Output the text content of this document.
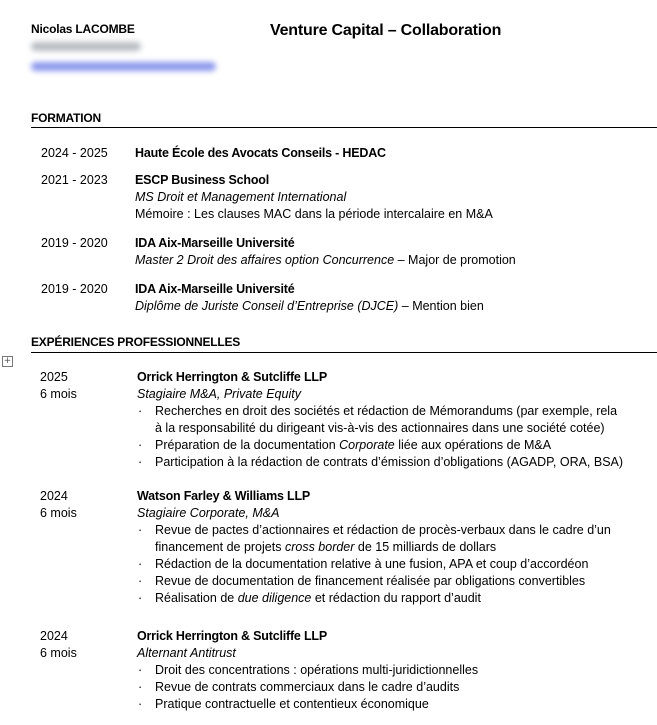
Nicolas LACOMBE	Venture Capital – Collaboration
FORMATION
2024 - 2025 Haute École des Avocats Conseils - HEDAC
2021 - 2023 ESCP Business School
MS Droit et Management International
Mémoire : Les clauses MAC dans la période intercalaire en M&A
2019 - 2020 IDA Aix-Marseille Université
Master 2 Droit des affaires option Concurrence – Major de promotion
2019 - 2020 IDA Aix-Marseille Université
Diplôme de Juriste Conseil d’Entreprise (DJCE) – Mention bien
EXPÉRIENCES PROFESSIONNELLES
+
2025
6 mois
Orrick Herrington & Sutcliffe LLP
Stagiaire M&A, Private Equity
· Recherches en droit des sociétés et rédaction de Mémorandums (par exemple, rela
à la responsabilité du dirigeant vis-à-vis des actionnaires dans une société cotée)
· Préparation de la documentation Corporate liée aux opérations de M&A
· Participation à la rédaction de contrats d’émission d’obligations (AGADP, ORA, BSA)
2024
6 mois
Watson Farley & Williams LLP
Stagiaire Corporate, M&A
· Revue de pactes d’actionnaires et rédaction de procès-verbaux dans le cadre d’un
financement de projets cross border de 15 milliards de dollars
· Rédaction de la documentation relative à une fusion, APA et coup d’accordéon
· Revue de documentation de financement réalisée par obligations convertibles
· Réalisation de due diligence et rédaction du rapport d’audit
2024
6 mois
Orrick Herrington & Sutcliffe LLP
Alternant Antitrust
· Droit des concentrations : opérations multi-juridictionnelles
· Revue de contrats commerciaux dans le cadre d’audits
· Pratique contractuelle et contentieux économique
